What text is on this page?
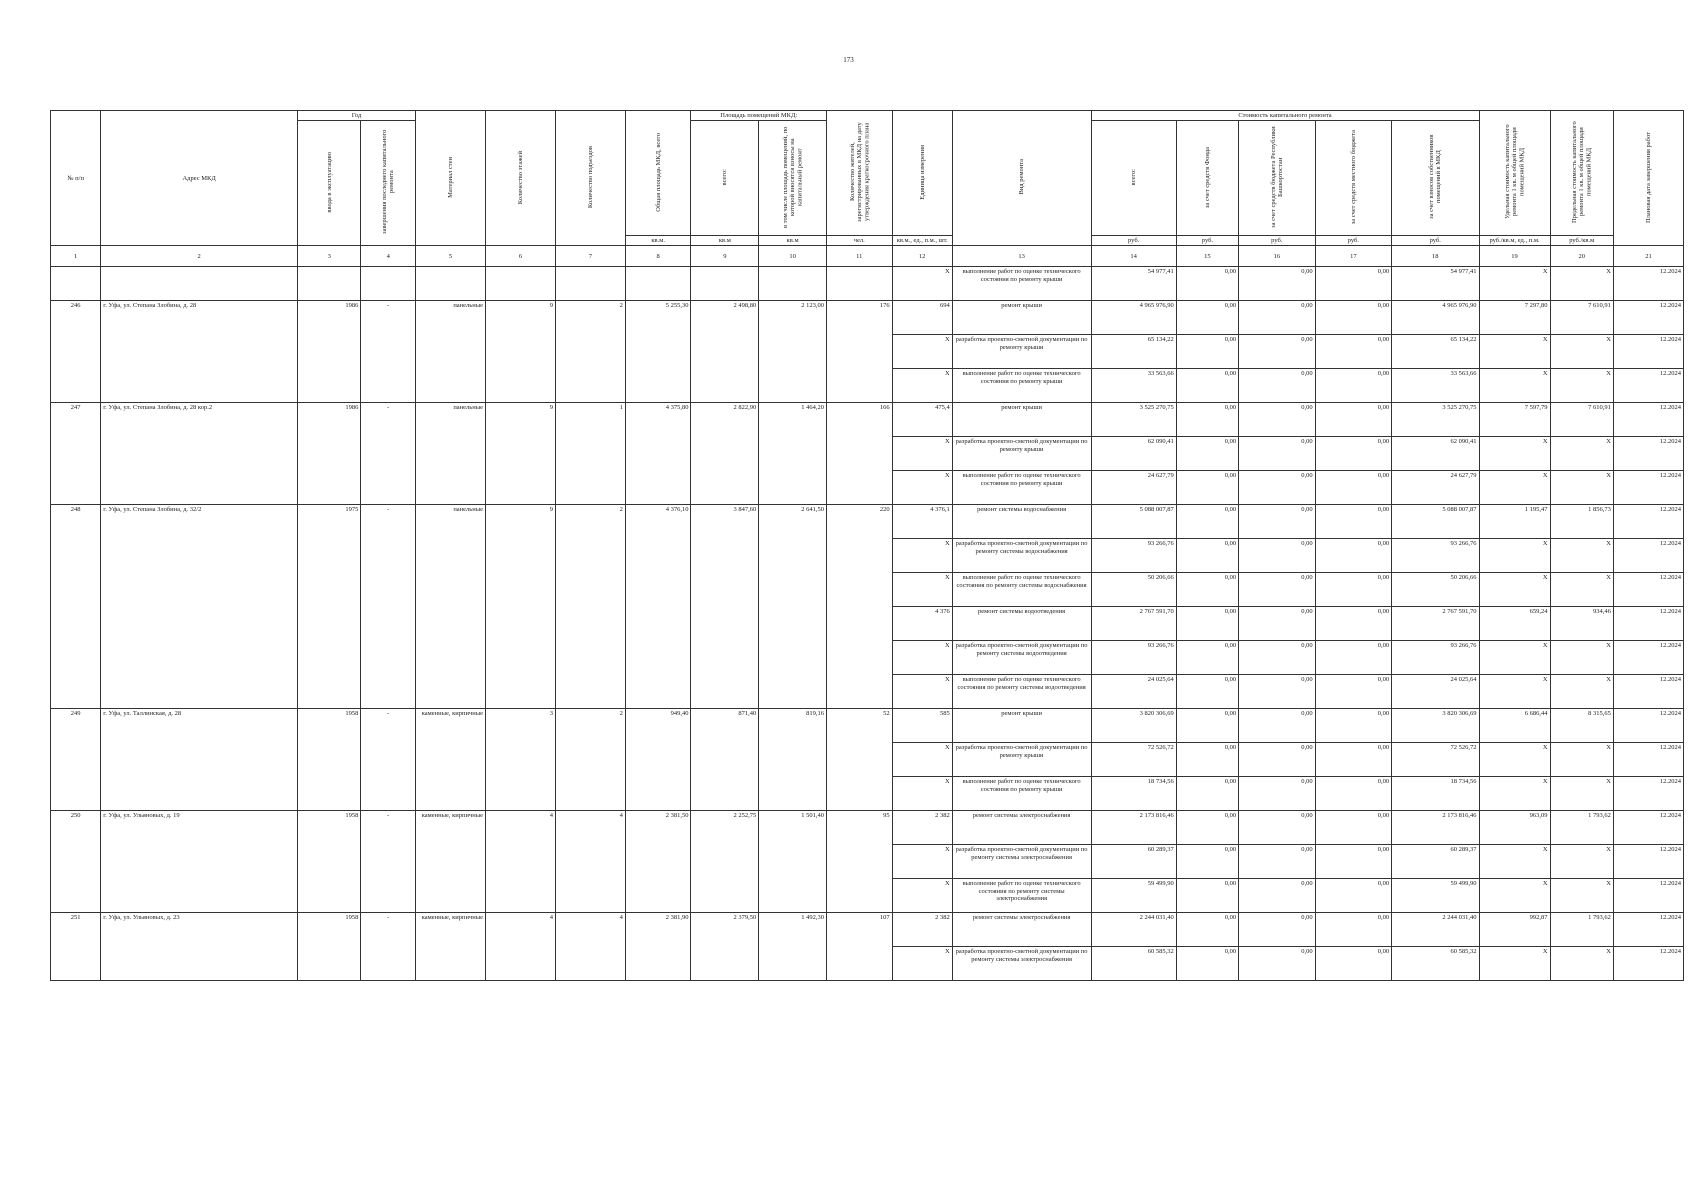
173
№ п/п	Адрес МКД	Год		Материал стен	Количество этажей	Количество подъездов	Общая площадь МКД, всего	Площадь помещений МКД:		Количество жителей, зарегистрированных в МКД на дату утверждения краткосрочного плана	Единица измерения	Вид ремонта	Стоимость капитального ремонта					Удельная стоимость капитального ремонта 1 кв. м общей площади помещений МКД	Предельная стоимость капитального ремонта 1 кв. м общей площади помещений МКД	Плановая дата завершения работ
		ввода в эксплуатацию	завершения последнего капитального ремонта					всего:	в том числе площадь помещений, по которой вносятся взносы на капитальный ремонт				всего:	за счет средств Фонда	за счет средств бюджета Республики Башкортостан	за счет средств местного бюджета	за счет взносов собственников помещений в МКД			
							кв.м.	кв.м	кв.м	чел.	кв.м., ед., п.м., шт.		руб.	руб.	руб.	руб.	руб.	руб./кв.м, ед., п.м.	руб./кв.м	
1	2	3	4	5	6	7	8	9	10	11	12	13	14	15	16	17	18	19	20	21
											X	выполнение работ по оценке технического состояния по ремонту крыши	54 977,41	0,00	0,00	0,00	54 977,41	X	X	12.2024
246	г. Уфа, ул. Степана Злобина, д. 28	1986	-	панельные	9	2	5 255,30	2 498,80	2 123,00	176	694	ремонт крыши	4 965 976,90	0,00	0,00	0,00	4 965 976,90	7 297,80	7 610,91	12.2024
											X	разработка проектно-сметной документации по ремонту крыши	65 134,22	0,00	0,00	0,00	65 134,22	X	X	12.2024
											X	выполнение работ по оценке технического состояния по ремонту крыши	33 563,66	0,00	0,00	0,00	33 563,66	X	X	12.2024
247	г. Уфа, ул. Степана Злобина, д. 28 кор.2	1986	-	панельные	9	1	4 375,80	2 822,90	1 464,20	166	475,4	ремонт крыши	3 525 270,75	0,00	0,00	0,00	3 525 270,75	7 597,79	7 610,91	12.2024
											X	разработка проектно-сметной документации по ремонту крыши	62 090,41	0,00	0,00	0,00	62 090,41	X	X	12.2024
											X	выполнение работ по оценке технического состояния по ремонту крыши	24 627,79	0,00	0,00	0,00	24 627,79	X	X	12.2024
248	г. Уфа, ул. Степана Злобина, д. 32/2	1975	-	панельные	9	2	4 376,10	3 847,60	2 641,50	220	4 376,1	ремонт системы водоснабжения	5 088 007,87	0,00	0,00	0,00	5 088 007,87	1 195,47	1 856,73	12.2024
											X	разработка проектно-сметной документации по ремонту системы водоснабжения	93 266,76	0,00	0,00	0,00	93 266,76	X	X	12.2024
											X	выполнение работ по оценке технического состояния по ремонту системы водоснабжения	50 206,66	0,00	0,00	0,00	50 206,66	X	X	12.2024
											4 376	ремонт системы водоотведения	2 767 591,70	0,00	0,00	0,00	2 767 591,70	659,24	934,46	12.2024
											X	разработка проектно-сметной документации по ремонту системы водоотведения	93 266,76	0,00	0,00	0,00	93 266,76	X	X	12.2024
											X	выполнение работ по оценке технического состояния по ремонту системы водоотведения	24 025,64	0,00	0,00	0,00	24 025,64	X	X	12.2024
249	г. Уфа, ул. Таллинская, д. 28	1958	-	каменные, кирпичные	3	2	949,40	871,40	819,16	52	585	ремонт крыши	3 820 306,69	0,00	0,00	0,00	3 820 306,69	6 686,44	8 315,65	12.2024
											X	разработка проектно-сметной документации по ремонту крыши	72 526,72	0,00	0,00	0,00	72 526,72	X	X	12.2024
											X	выполнение работ по оценке технического состояния по ремонту крыши	18 734,56	0,00	0,00	0,00	18 734,56	X	X	12.2024
250	г. Уфа, ул. Ульяновых, д. 19	1958	-	каменные, кирпичные	4	4	2 381,50	2 252,75	1 501,40	95	2 382	ремонт системы электроснабжения	2 173 816,46	0,00	0,00	0,00	2 173 816,46	963,09	1 793,62	12.2024
											X	разработка проектно-сметной документации по ремонту системы электроснабжения	60 289,37	0,00	0,00	0,00	60 289,37	X	X	12.2024
											X	выполнение работ по оценке технического состояния по ремонту системы электроснабжения	59 499,90	0,00	0,00	0,00	59 499,90	X	X	12.2024
251	г. Уфа, ул. Ульяновых, д. 23	1958	-	каменные, кирпичные	4	4	2 381,90	2 379,50	1 492,30	107	2 382	ремонт системы электроснабжения	2 244 031,40	0,00	0,00	0,00	2 244 031,40	992,87	1 793,62	12.2024
											X	разработка проектно-сметной документации по ремонту системы электроснабжения	60 585,32	0,00	0,00	0,00	60 585,32	X	X	12.2024
